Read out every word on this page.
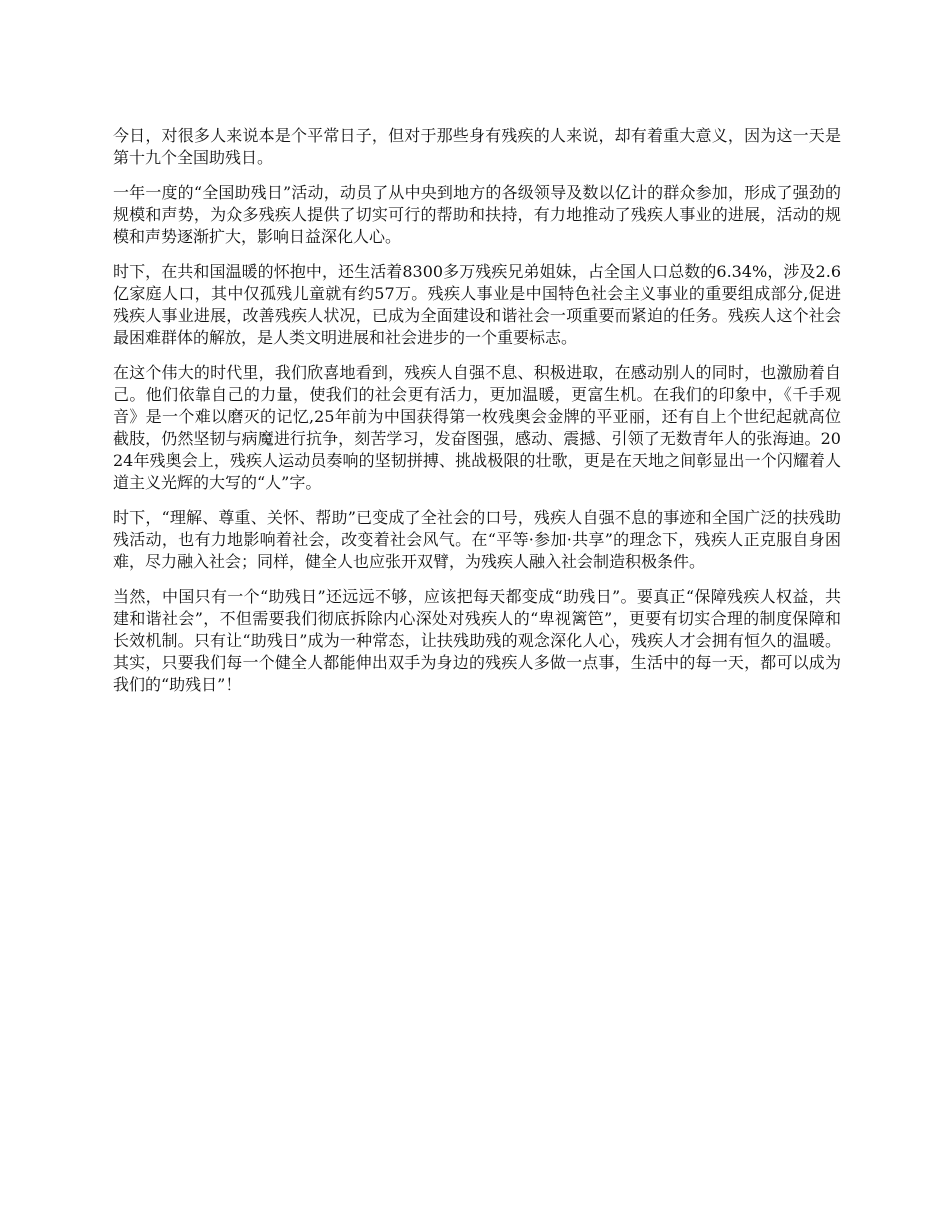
今日，对很多人来说本是个平常日子，但对于那些身有残疾的人来说，却有着重大意义，因为这一天是第十九个全国助残日。

一年一度的“全国助残日”活动，动员了从中央到地方的各级领导及数以亿计的群众参加，形成了强劲的规模和声势，为众多残疾人提供了切实可行的帮助和扶持，有力地推动了残疾人事业的进展，活动的规模和声势逐渐扩大，影响日益深化人心。

时下，在共和国温暖的怀抱中，还生活着8300多万残疾兄弟姐妹，占全国人口总数的6.34%，涉及2.6亿家庭人口，其中仅孤残儿童就有约57万。残疾人事业是中国特色社会主义事业的重要组成部分,促进残疾人事业进展，改善残疾人状况，已成为全面建设和谐社会一项重要而紧迫的任务。残疾人这个社会最困难群体的解放，是人类文明进展和社会进步的一个重要标志。

在这个伟大的时代里，我们欣喜地看到，残疾人自强不息、积极进取，在感动别人的同时，也激励着自己。他们依靠自己的力量，使我们的社会更有活力，更加温暖，更富生机。在我们的印象中，《千手观音》是一个难以磨灭的记忆,25年前为中国获得第一枚残奥会金牌的平亚丽，还有自上个世纪起就高位截肢，仍然坚韧与病魔进行抗争，刻苦学习，发奋图强，感动、震撼、引领了无数青年人的张海迪。2024年残奥会上，残疾人运动员奏响的坚韧拼搏、挑战极限的壮歌，更是在天地之间彰显出一个闪耀着人道主义光辉的大写的“人”字。

时下，“理解、尊重、关怀、帮助”已变成了全社会的口号，残疾人自强不息的事迹和全国广泛的扶残助残活动，也有力地影响着社会，改变着社会风气。在“平等·参加·共享”的理念下，残疾人正克服自身困难，尽力融入社会；同样，健全人也应张开双臂，为残疾人融入社会制造积极条件。

当然，中国只有一个“助残日”还远远不够，应该把每天都变成“助残日”。要真正“保障残疾人权益，共建和谐社会”，不但需要我们彻底拆除内心深处对残疾人的“卑视篱笆”，更要有切实合理的制度保障和长效机制。只有让“助残日”成为一种常态，让扶残助残的观念深化人心，残疾人才会拥有恒久的温暖。其实，只要我们每一个健全人都能伸出双手为身边的残疾人多做一点事，生活中的每一天，都可以成为我们的“助残日”！
